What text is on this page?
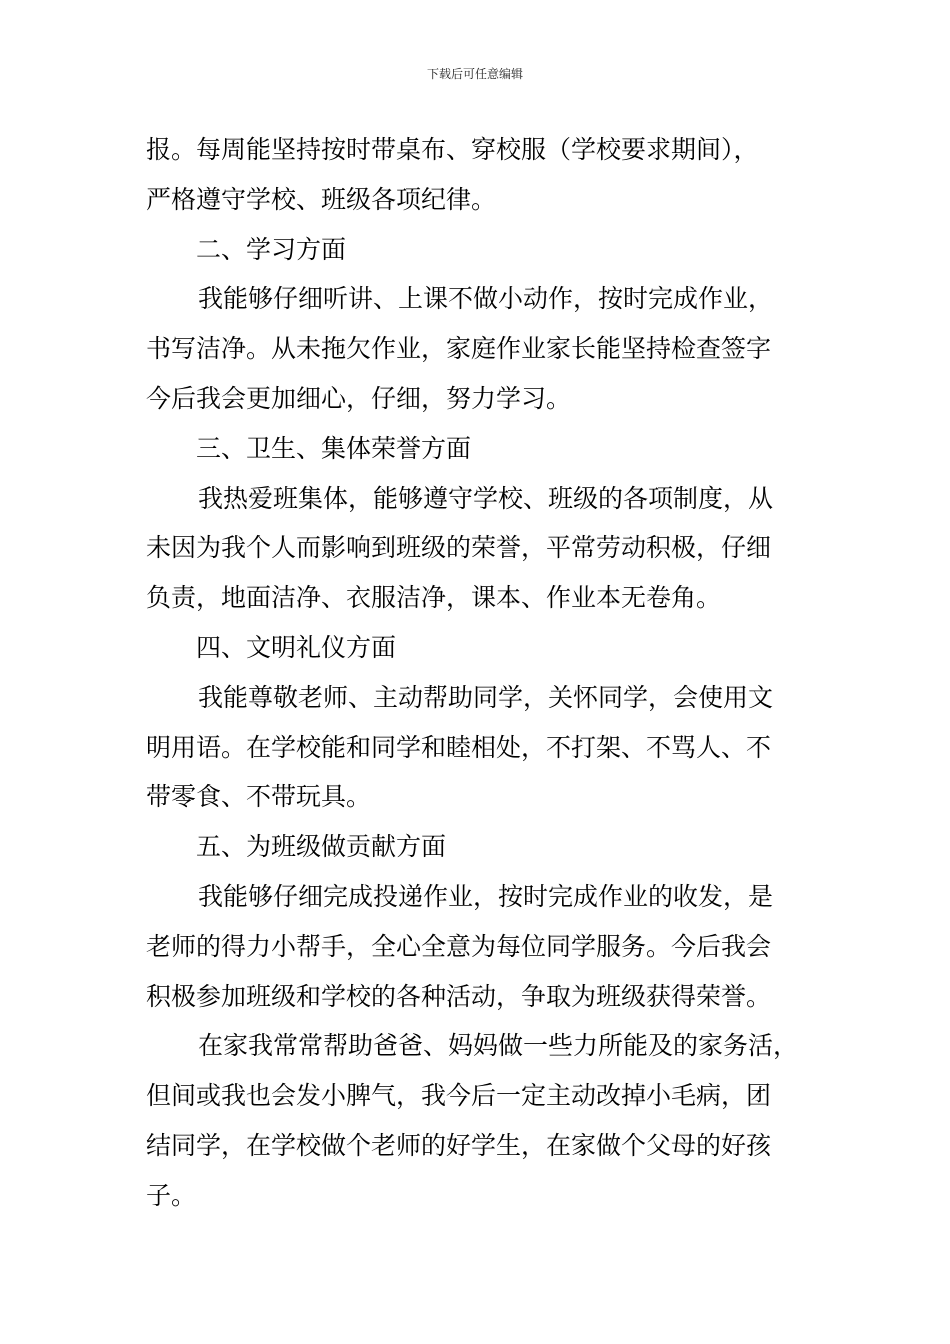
下载后可任意编辑
报。每周能坚持按时带桌布、穿校服（学校要求期间），
严格遵守学校、班级各项纪律。
二、学习方面
我能够仔细听讲、上课不做小动作，按时完成作业，
书写洁净。从未拖欠作业，家庭作业家长能坚持检查签字
今后我会更加细心，仔细，努力学习。
三、卫生、集体荣誉方面
我热爱班集体，能够遵守学校、班级的各项制度，从
未因为我个人而影响到班级的荣誉，平常劳动积极，仔细
负责，地面洁净、衣服洁净，课本、作业本无卷角。
四、文明礼仪方面
我能尊敬老师、主动帮助同学，关怀同学，会使用文
明用语。在学校能和同学和睦相处，不打架、不骂人、不
带零食、不带玩具。
五、为班级做贡献方面
我能够仔细完成投递作业，按时完成作业的收发，是
老师的得力小帮手，全心全意为每位同学服务。今后我会
积极参加班级和学校的各种活动，争取为班级获得荣誉。
在家我常常帮助爸爸、妈妈做一些力所能及的家务活，
但间或我也会发小脾气，我今后一定主动改掉小毛病，团
结同学，在学校做个老师的好学生，在家做个父母的好孩
子。
